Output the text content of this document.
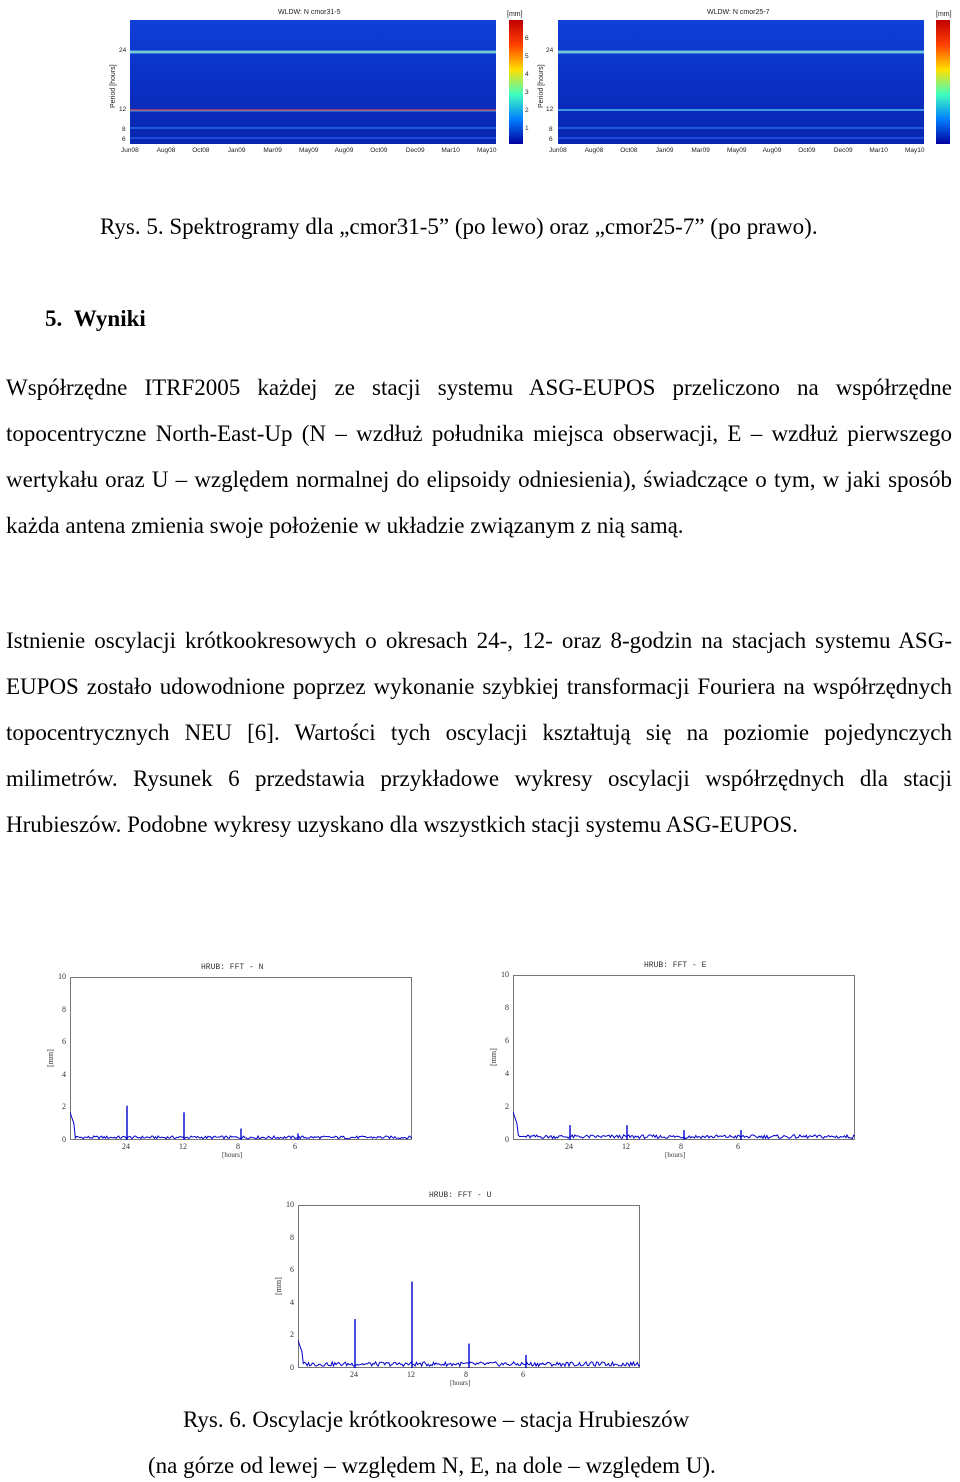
WLDW: N cmor31-5	[mm]
Period [hours]
24
12
8
6
6
5
4
3
2
1
Jun08	Aug08	Oct08	Jan09	Mar09	May09 Aug09	Oct09	Dec09	Mar10	May10
WLDW: N cmor25-7	[mm]
Period [hours]
24
12
8
6
Jun08	Aug08	Oct08	Jan09	Mar09	May09 Aug09	Oct09	Dec09	Mar10	May10
Rys. 5. Spektrogramy dla „cmor31-5” (po lewo) oraz „cmor25-7” (po prawo).
5. Wyniki

Współrzędne ITRF2005 każdej ze stacji systemu ASG-EUPOS przeliczono na współrzędne topocentryczne North-East-Up (N – wzdłuż południka miejsca obserwacji, E – wzdłuż pierwszego wertykału oraz U – względem normalnej do elipsoidy odniesienia), świadczące o tym, w jaki sposób każda antena zmienia swoje położenie w układzie związanym z nią samą.

Istnienie oscylacji krótkookresowych o okresach 24-, 12- oraz 8-godzin na stacjach systemu ASG-EUPOS zostało udowodnione poprzez wykonanie szybkiej transformacji Fouriera na współrzędnych topocentrycznych NEU [6]. Wartości tych oscylacji kształtują się na poziomie pojedynczych milimetrów. Rysunek 6 przedstawia przykładowe wykresy oscylacji współrzędnych dla stacji Hrubieszów. Podobne wykresy uzyskano dla wszystkich stacji systemu ASG-EUPOS.

HRUB: FFT - N
[mm]
0
2
4
6
8
10
24	12	8	6
[hours]
HRUB: FFT - E
[mm]
0
2
4
6
8
10
24	12	8	6
[hours]
HRUB: FFT - U
[mm]
0
2
4
6
8
10
24	12	8	6
[hours]
Rys. 6. Oscylacje krótkookresowe – stacja Hrubieszów
(na górze od lewej – względem N, E, na dole – względem U).
